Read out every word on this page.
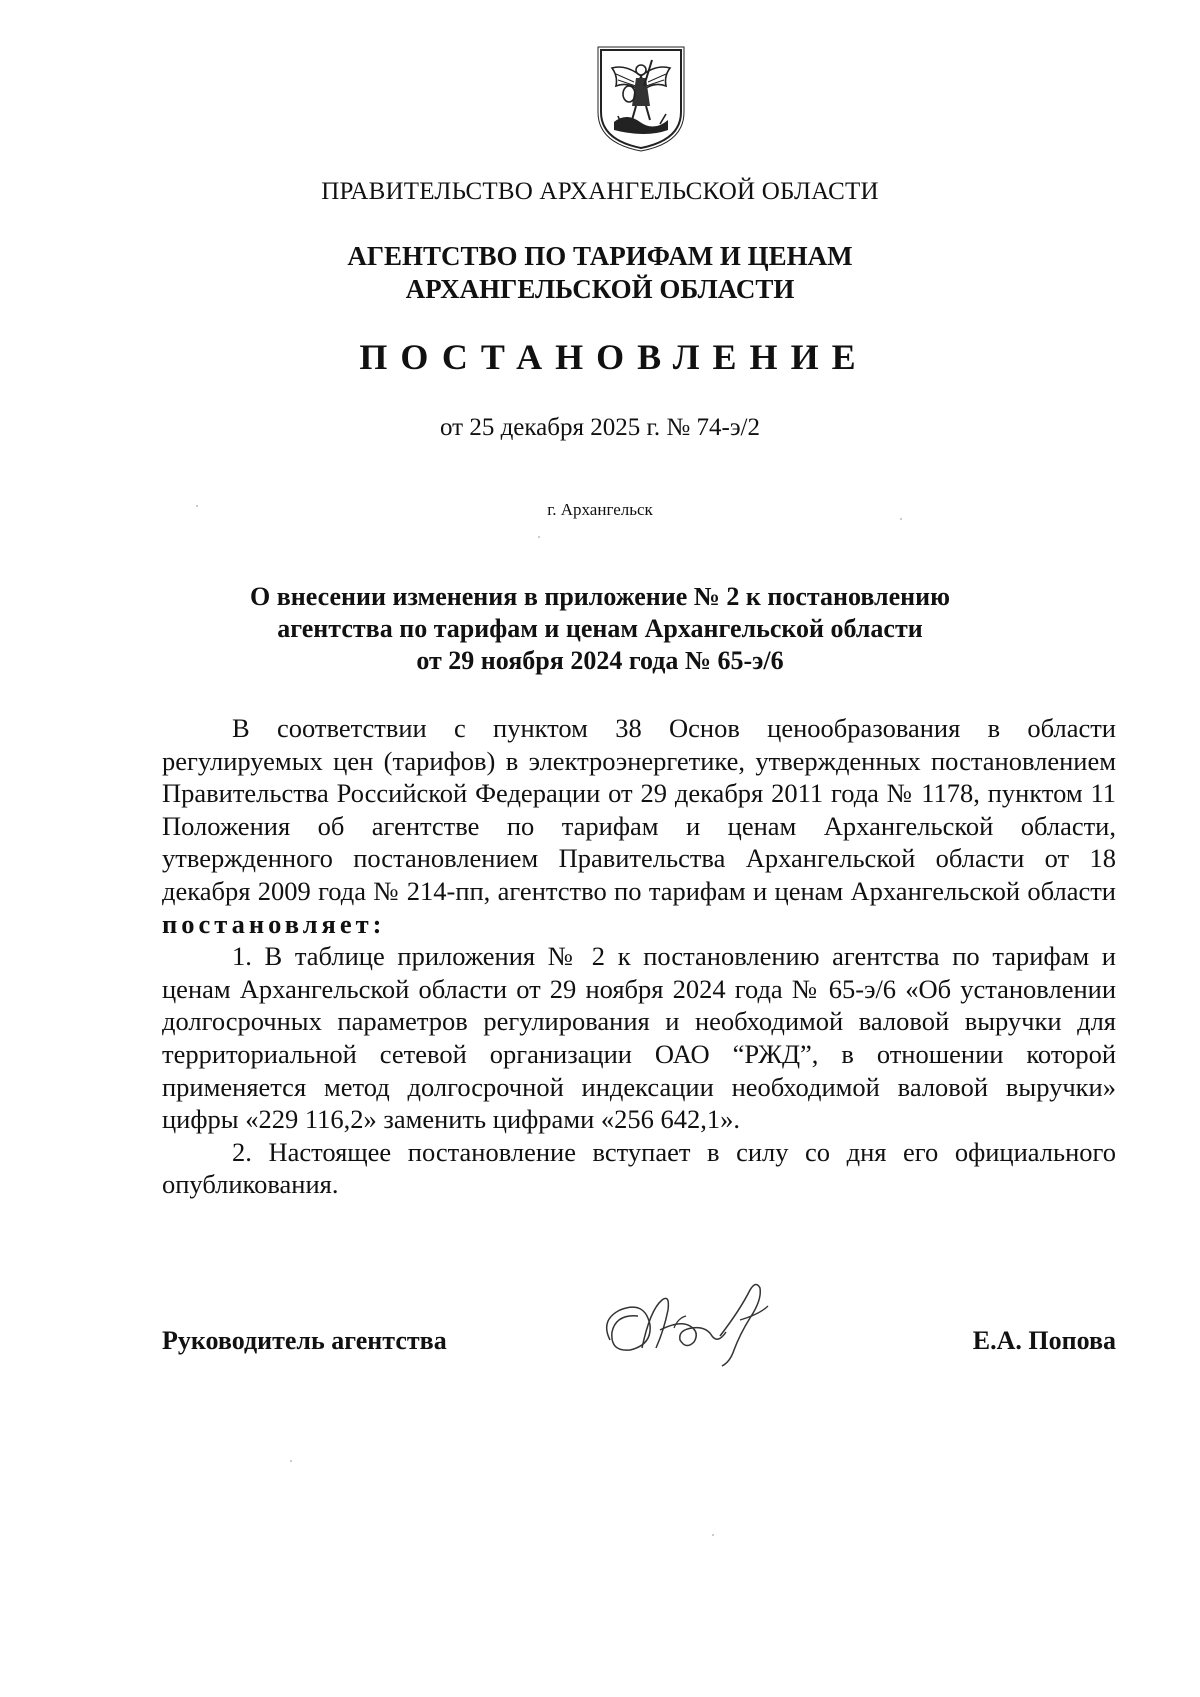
ПРАВИТЕЛЬСТВО АРХАНГЕЛЬСКОЙ ОБЛАСТИ
АГЕНТСТВО ПО ТАРИФАМ И ЦЕНАМ
АРХАНГЕЛЬСКОЙ ОБЛАСТИ
ПОСТАНОВЛЕНИЕ
от 25 декабря 2025 г. № 74-э/2
г. Архангельск
О внесении изменения в приложение № 2 к постановлению
агентства по тарифам и ценам Архангельской области
от 29 ноября 2024 года № 65-э/6

В соответствии с пунктом 38 Основ ценообразования в области регулируемых цен (тарифов) в электроэнергетике, утвержденных постановлением Правительства Российской Федерации от 29 декабря 2011 года № 1178, пунктом 11 Положения об агентстве по тарифам и ценам Архангельской области, утвержденного постановлением Правительства Архангельской области от 18 декабря 2009 года № 214-пп, агентство по тарифам и ценам Архангельской области постановляет:

1. В таблице приложения № 2 к постановлению агентства по тарифам и ценам Архангельской области от 29 ноября 2024 года № 65-э/6 «Об установлении долгосрочных параметров регулирования и необходимой валовой выручки для территориальной сетевой организации ОАО “РЖД”, в отношении которой применяется метод долгосрочной индексации необходимой валовой выручки» цифры «229 116,2» заменить цифрами «256 642,1».

2. Настоящее постановление вступает в силу со дня его официального опубликования.

Руководитель агентства	Е.А. Попова
